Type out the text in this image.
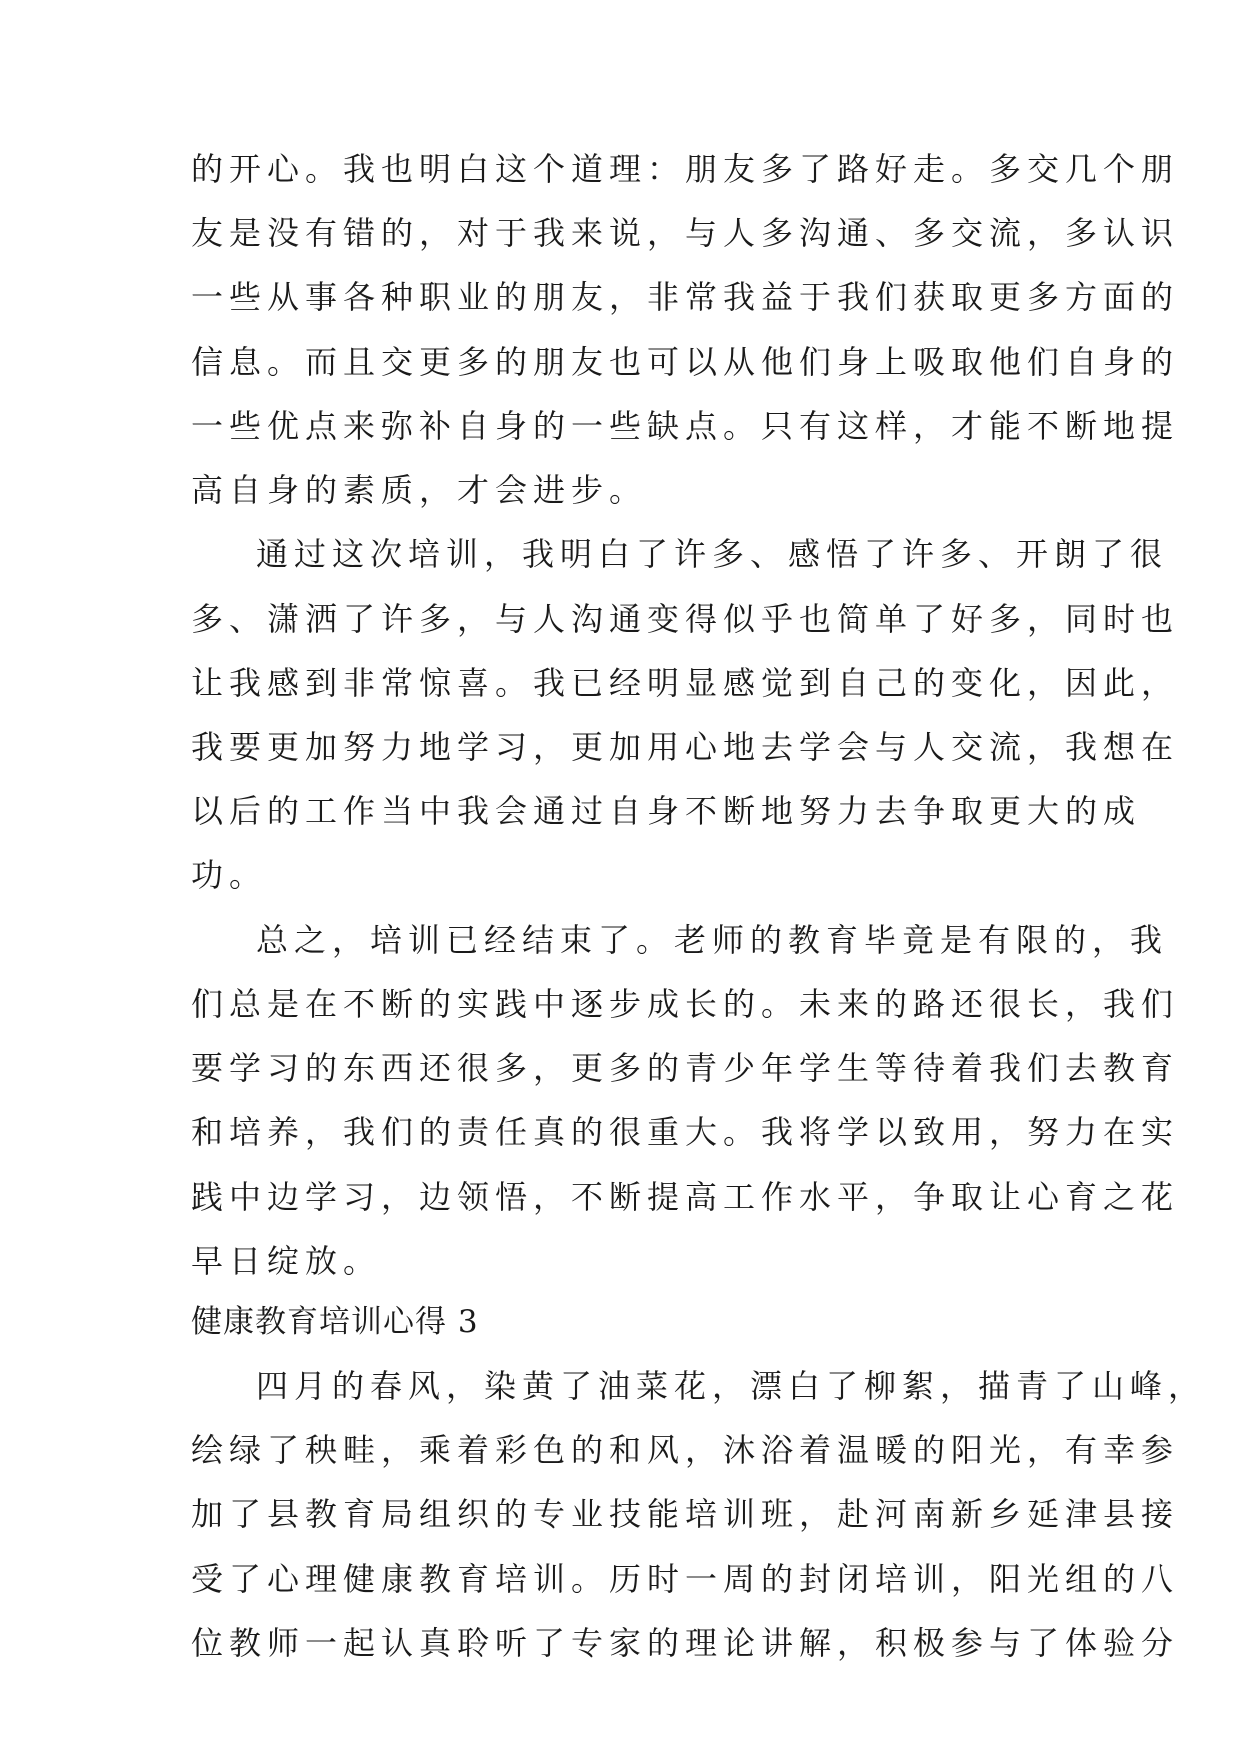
的开心。我也明白这个道理：朋友多了路好走。多交几个朋
友是没有错的，对于我来说，与人多沟通、多交流，多认识
一些从事各种职业的朋友，非常我益于我们获取更多方面的
信息。而且交更多的朋友也可以从他们身上吸取他们自身的
一些优点来弥补自身的一些缺点。只有这样，才能不断地提
高自身的素质，才会进步。
通过这次培训，我明白了许多、感悟了许多、开朗了很
多、潇洒了许多，与人沟通变得似乎也简单了好多，同时也
让我感到非常惊喜。我已经明显感觉到自己的变化，因此，
我要更加努力地学习，更加用心地去学会与人交流，我想在
以后的工作当中我会通过自身不断地努力去争取更大的成
功。
总之，培训已经结束了。老师的教育毕竟是有限的，我
们总是在不断的实践中逐步成长的。未来的路还很长，我们
要学习的东西还很多，更多的青少年学生等待着我们去教育
和培养，我们的责任真的很重大。我将学以致用，努力在实
践中边学习，边领悟，不断提高工作水平，争取让心育之花
早日绽放。
健康教育培训心得 3
四月的春风，染黄了油菜花，漂白了柳絮，描青了山峰，
绘绿了秧畦，乘着彩色的和风，沐浴着温暖的阳光，有幸参
加了县教育局组织的专业技能培训班，赴河南新乡延津县接
受了心理健康教育培训。历时一周的封闭培训，阳光组的八
位教师一起认真聆听了专家的理论讲解，积极参与了体验分
